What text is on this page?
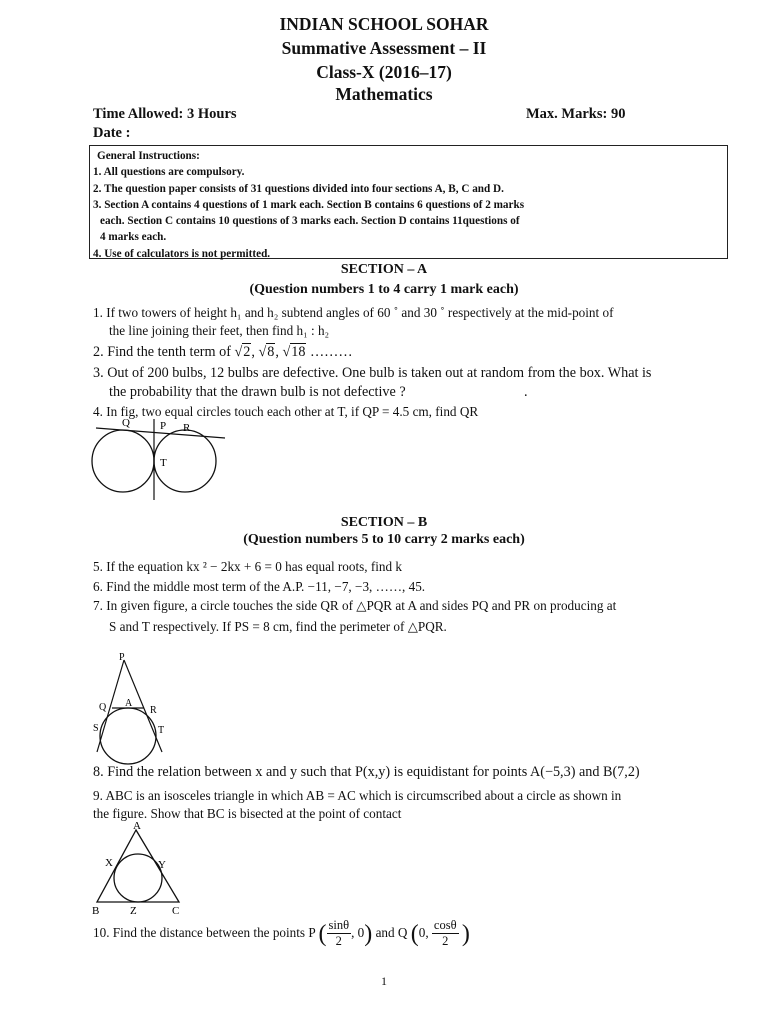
INDIAN SCHOOL SOHAR
Summative Assessment – II
Class-X (2016–17)
Mathematics
Time Allowed: 3 Hours	Max. Marks: 90
Date :
General Instructions:
1. All questions are compulsory.
2. The question paper consists of 31 questions divided into four sections A, B, C and D.
3. Section A contains 4 questions of 1 mark each. Section B contains 6 questions of 2 marks
each. Section C contains 10 questions of 3 marks each. Section D contains 11questions of
4 marks each.
4. Use of calculators is not permitted.
SECTION – A
(Question numbers 1 to 4 carry 1 mark each)
1. If two towers of height h₁ and h₂ subtend angles of 60 ˚ and 30 ˚ respectively at the mid-point of
the line joining their feet, then find h₁ : h₂
2. Find the tenth term of √2, √8, √18 ………
3. Out of 200 bulbs, 12 bulbs are defective. One bulb is taken out at random from the box. What is
the probability that the drawn bulb is not defective ?	.
4. In fig, two equal circles touch each other at T, if QP = 4.5 cm, find QR
Q	P R
T
SECTION – B
(Question numbers 5 to 10 carry 2 marks each)
5. If the equation kx ² − 2kx + 6 = 0 has equal roots, find k
6. Find the middle most term of the A.P. −11, −7, −3, ……, 45.
7. In given figure, a circle touches the side QR of △PQR at A and sides PQ and PR on producing at
S and T respectively. If PS = 8 cm, find the perimeter of △PQR.
P
Q A
R
S	T
8. Find the relation between x and y such that P(x,y) is equidistant for points A(−5,3) and B(7,2)
9. ABC is an isosceles triangle in which AB = AC which is circumscribed about a circle as shown in
the figure. Show that BC is bisected at the point of contact
A
X	Y
B	Z	C
10. Find the distance between the points P ( $\frac{\sin\theta}{2}$ , 0) and Q (0, $\frac{\cos\theta}{2}$ )
1
